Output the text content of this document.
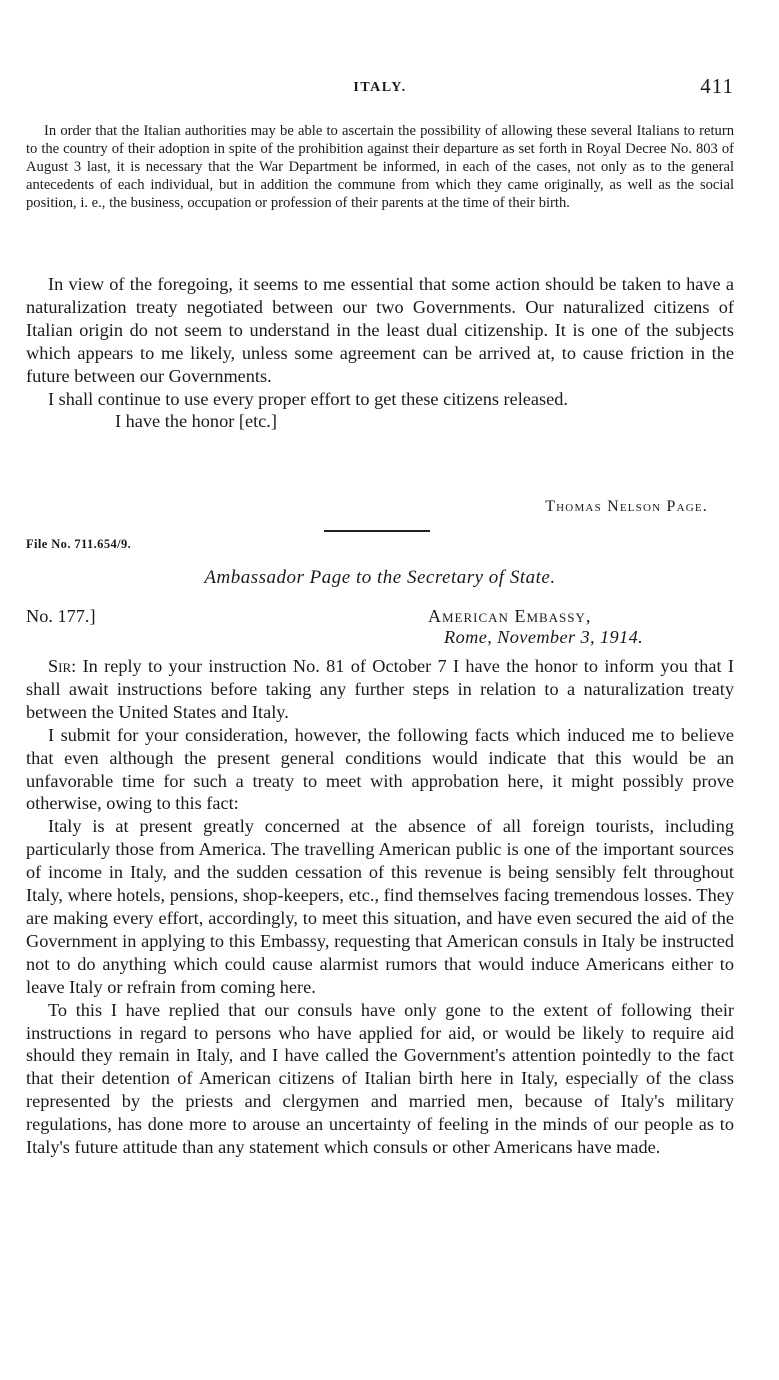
ITALY.	411

In order that the Italian authorities may be able to ascertain the possibility of allowing these several Italians to return to the country of their adoption in spite of the prohibition against their departure as set forth in Royal Decree No. 803 of August 3 last, it is necessary that the War Department be informed, in each of the cases, not only as to the general antecedents of each individual, but in addition the commune from which they came originally, as well as the social position, i. e., the business, occupation or profession of their parents at the time of their birth.

In view of the foregoing, it seems to me essential that some action should be taken to have a naturalization treaty negotiated between our two Governments. Our naturalized citizens of Italian origin do not seem to understand in the least dual citizenship. It is one of the subjects which appears to me likely, unless some agreement can be arrived at, to cause friction in the future between our Governments.

I shall continue to use every proper effort to get these citizens released.

I have the honor [etc.]

Thomas Nelson Page.
File No. 711.654/9.
Ambassador Page to the Secretary of State.
No. 177.]	American Embassy,
Rome, November 3, 1914.

Sir: In reply to your instruction No. 81 of October 7 I have the honor to inform you that I shall await instructions before taking any further steps in relation to a naturalization treaty between the United States and Italy.

I submit for your consideration, however, the following facts which induced me to believe that even although the present general conditions would indicate that this would be an unfavorable time for such a treaty to meet with approbation here, it might possibly prove otherwise, owing to this fact:

Italy is at present greatly concerned at the absence of all foreign tourists, including particularly those from America. The travelling American public is one of the important sources of income in Italy, and the sudden cessation of this revenue is being sensibly felt throughout Italy, where hotels, pensions, shop-keepers, etc., find themselves facing tremendous losses. They are making every effort, accordingly, to meet this situation, and have even secured the aid of the Government in applying to this Embassy, requesting that American consuls in Italy be instructed not to do anything which could cause alarmist rumors that would induce Americans either to leave Italy or refrain from coming here.

To this I have replied that our consuls have only gone to the extent of following their instructions in regard to persons who have applied for aid, or would be likely to require aid should they remain in Italy, and I have called the Government's attention pointedly to the fact that their detention of American citizens of Italian birth here in Italy, especially of the class represented by the priests and clergymen and married men, because of Italy's military regulations, has done more to arouse an uncertainty of feeling in the minds of our people as to Italy's future attitude than any statement which consuls or other Americans have made.
